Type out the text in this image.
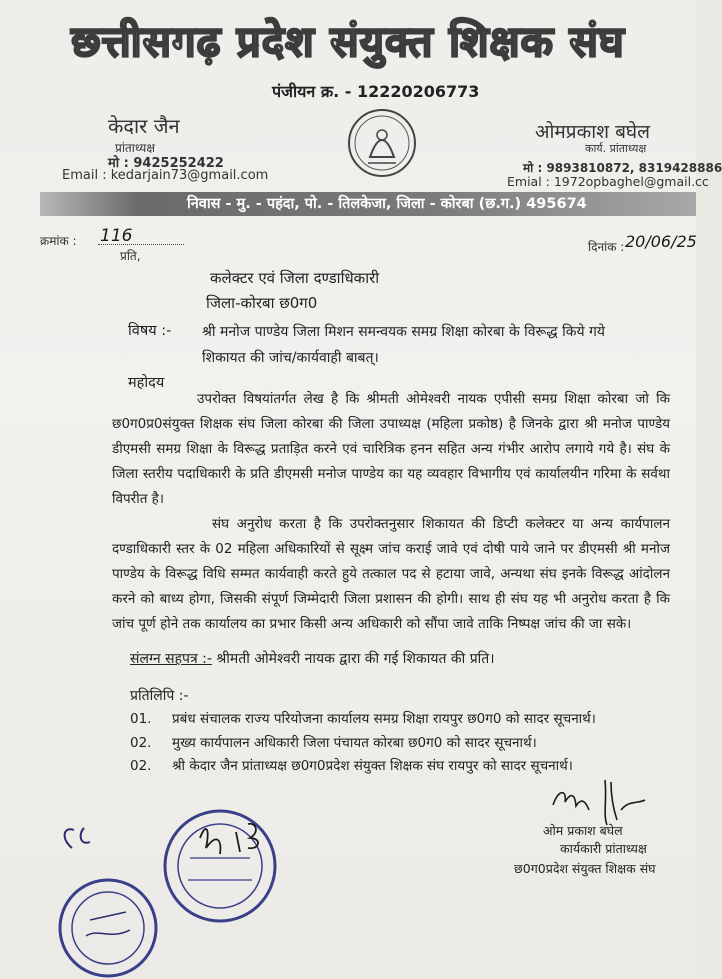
छत्तीसगढ़ प्रदेश संयुक्त शिक्षक संघ
पंजीयन क्र. - 12220206773
केदार जैन
प्रांताध्यक्ष
मो : 9425252422
Email : kedarjain73@gmail.com
ओमप्रकाश बघेल
कार्य. प्रांताध्यक्ष
मो : 9893810872, 8319428886
Emial : 1972opbaghel@gmail.cc
निवास - मु. - पहंदा, पो. - तिलकेजा, जिला - कोरबा (छ.ग.) 495674
क्रमांक : 116
प्रति,
दिनांक : 20/06/25
कलेक्टर एवं जिला दण्डाधिकारी
जिला-कोरबा छ0ग0
विषय :- श्री मनोज पाण्डेय जिला मिशन समन्वयक समग्र शिक्षा कोरबा के विरूद्ध किये गये शिकायत की जांच/कार्यवाही बाबत्।
महोदय
उपरोक्त विषयांतर्गत लेख है कि श्रीमती ओमेश्वरी नायक एपीसी समग्र शिक्षा कोरबा जो कि छ0ग0प्र0संयुक्त शिक्षक संघ जिला कोरबा की जिला उपाध्यक्ष (महिला प्रकोष्ठ) है जिनके द्वारा श्री मनोज पाण्डेय डीएमसी समग्र शिक्षा के विरूद्ध प्रताड़ित करने एवं चारित्रिक हनन सहित अन्य गंभीर आरोप लगाये गये है। संघ के जिला स्तरीय पदाधिकारी के प्रति डीएमसी मनोज पाण्डेय का यह व्यवहार विभागीय एवं कार्यालयीन गरिमा के सर्वथा विपरीत है।
संघ अनुरोध करता है कि उपरोक्तनुसार शिकायत की डिप्टी कलेक्टर या अन्य कार्यपालन दण्डाधिकारी स्तर के 02 महिला अधिकारियों से सूक्ष्म जांच कराई जावे एवं दोषी पाये जाने पर डीएमसी श्री मनोज पाण्डेय के विरूद्ध विधि सम्मत कार्यवाही करते हुये तत्काल पद से हटाया जावे, अन्यथा संघ इनके विरूद्ध आंदोलन करने को बाध्य होगा, जिसकी संपूर्ण जिम्मेदारी जिला प्रशासन की होगी। साथ ही संघ यह भी अनुरोध करता है कि जांच पूर्ण होने तक कार्यालय का प्रभार किसी अन्य अधिकारी को सौंपा जावे ताकि निष्पक्ष जांच की जा सके।
संलग्न सहपत्र :- श्रीमती ओमेश्वरी नायक द्वारा की गई शिकायत की प्रति।
प्रतिलिपि :-
01. प्रबंध संचालक राज्य परियोजना कार्यालय समग्र शिक्षा रायपुर छ0ग0 को सादर सूचनार्थ।
02. मुख्य कार्यपालन अधिकारी जिला पंचायत कोरबा छ0ग0 को सादर सूचनार्थ।
02. श्री केदार जैन प्रांताध्यक्ष छ0ग0प्रदेश संयुक्त शिक्षक संघ रायपुर को सादर सूचनार्थ।
ओम प्रकाश बघेल
कार्यकारी प्रांताध्यक्ष
छ0ग0प्रदेश संयुक्त शिक्षक संघ
